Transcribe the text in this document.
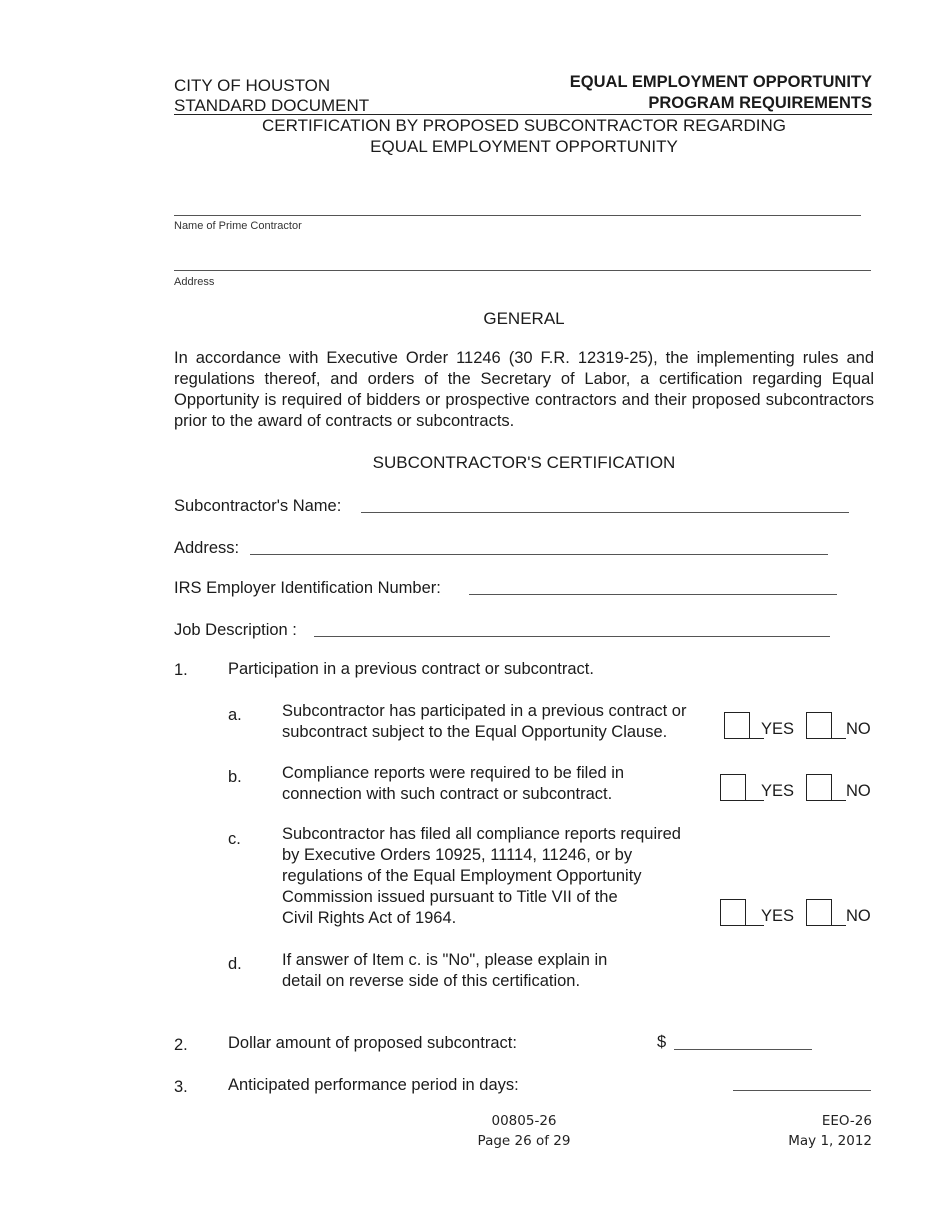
CITY OF HOUSTON
STANDARD DOCUMENT
EQUAL EMPLOYMENT OPPORTUNITY
PROGRAM REQUIREMENTS
CERTIFICATION BY PROPOSED SUBCONTRACTOR REGARDING
EQUAL EMPLOYMENT OPPORTUNITY
Name of Prime Contractor
Address
GENERAL
In accordance with Executive Order 11246 (30 F.R. 12319-25), the implementing rules and regulations thereof, and orders of the Secretary of Labor, a certification regarding Equal Opportunity is required of bidders or prospective contractors and their proposed subcontractors prior to the award of contracts or subcontracts.
SUBCONTRACTOR'S CERTIFICATION
Subcontractor's Name:
Address:
IRS Employer Identification Number:
Job Description :
1. Participation in a previous contract or subcontract.
a. Subcontractor has participated in a previous contract or
subcontract subject to the Equal Opportunity Clause.	YES	NO
b. Compliance reports were required to be filed in
connection with such contract or subcontract.	YES	NO
c. Subcontractor has filed all compliance reports required
by Executive Orders 10925, 11114, 11246, or by
regulations of the Equal Employment Opportunity
Commission issued pursuant to Title VII of the
Civil Rights Act of 1964.	YES	NO
d. If answer of Item c. is "No", please explain in
detail on reverse side of this certification.
2. Dollar amount of proposed subcontract:	$
3. Anticipated performance period in days:
00805-26
Page 26 of 29
EEO-26
May 1, 2012
